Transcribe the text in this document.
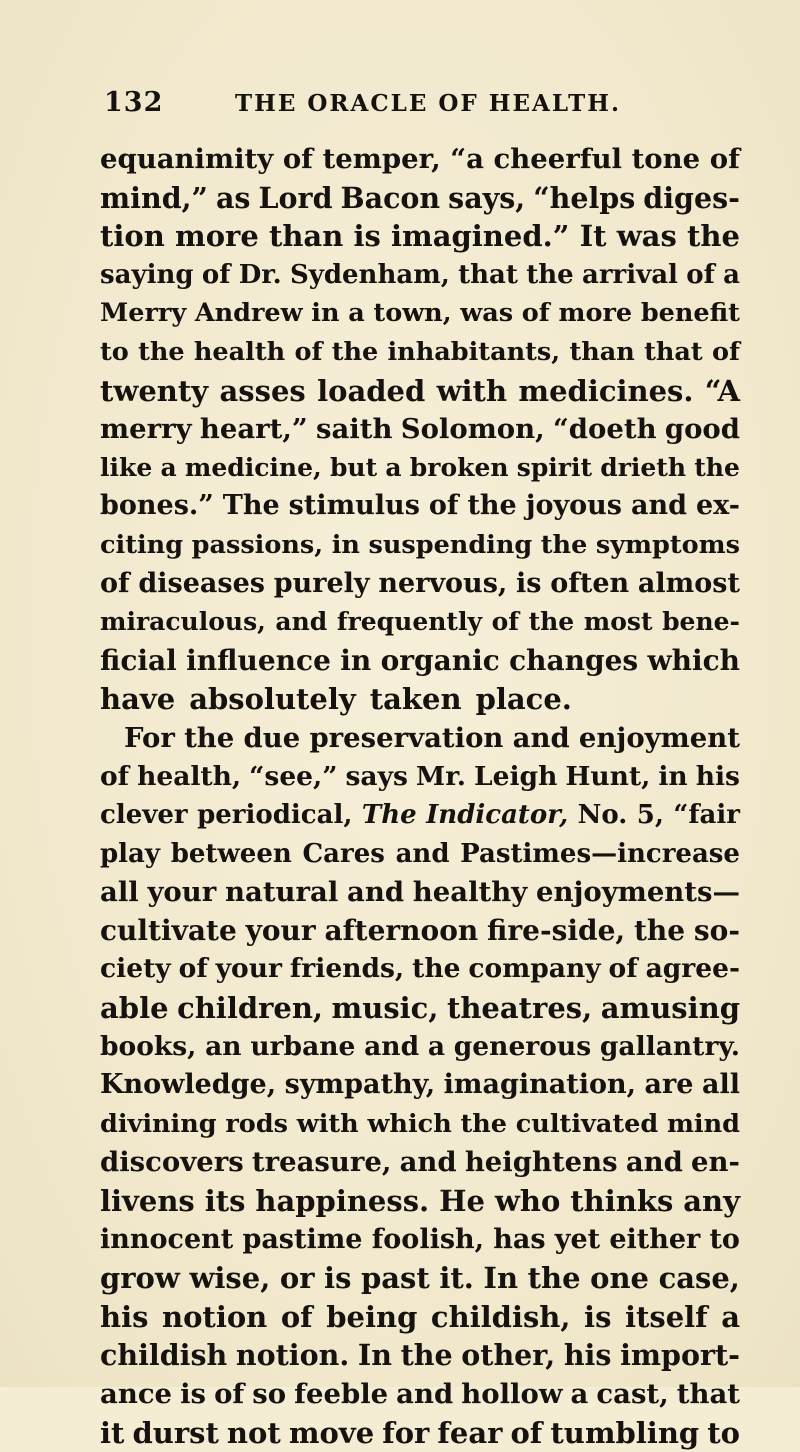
132	THE ORACLE OF HEALTH.
equanimity of temper, “a cheerful tone of
mind,” as Lord Bacon says, “helps diges-
tion more than is imagined.” It was the
saying of Dr. Sydenham, that the arrival of a
Merry Andrew in a town, was of more benefit
to the health of the inhabitants, than that of
twenty asses loaded with medicines. “A
merry heart,” saith Solomon, “doeth good
like a medicine, but a broken spirit drieth the
bones.” The stimulus of the joyous and ex-
citing passions, in suspending the symptoms
of diseases purely nervous, is often almost
miraculous, and frequently of the most bene-
ficial influence in organic changes which
have absolutely taken place.
For the due preservation and enjoyment
of health, “see,” says Mr. Leigh Hunt, in his
clever periodical, The Indicator, No. 5, “fair
play between Cares and Pastimes—increase
all your natural and healthy enjoyments—
cultivate your afternoon fire-side, the so-
ciety of your friends, the company of agree-
able children, music, theatres, amusing
books, an urbane and a generous gallantry.
Knowledge, sympathy, imagination, are all
divining rods with which the cultivated mind
discovers treasure, and heightens and en-
livens its happiness. He who thinks any
innocent pastime foolish, has yet either to
grow wise, or is past it. In the one case,
his notion of being childish, is itself a
childish notion. In the other, his import-
ance is of so feeble and hollow a cast, that
it durst not move for fear of tumbling to
